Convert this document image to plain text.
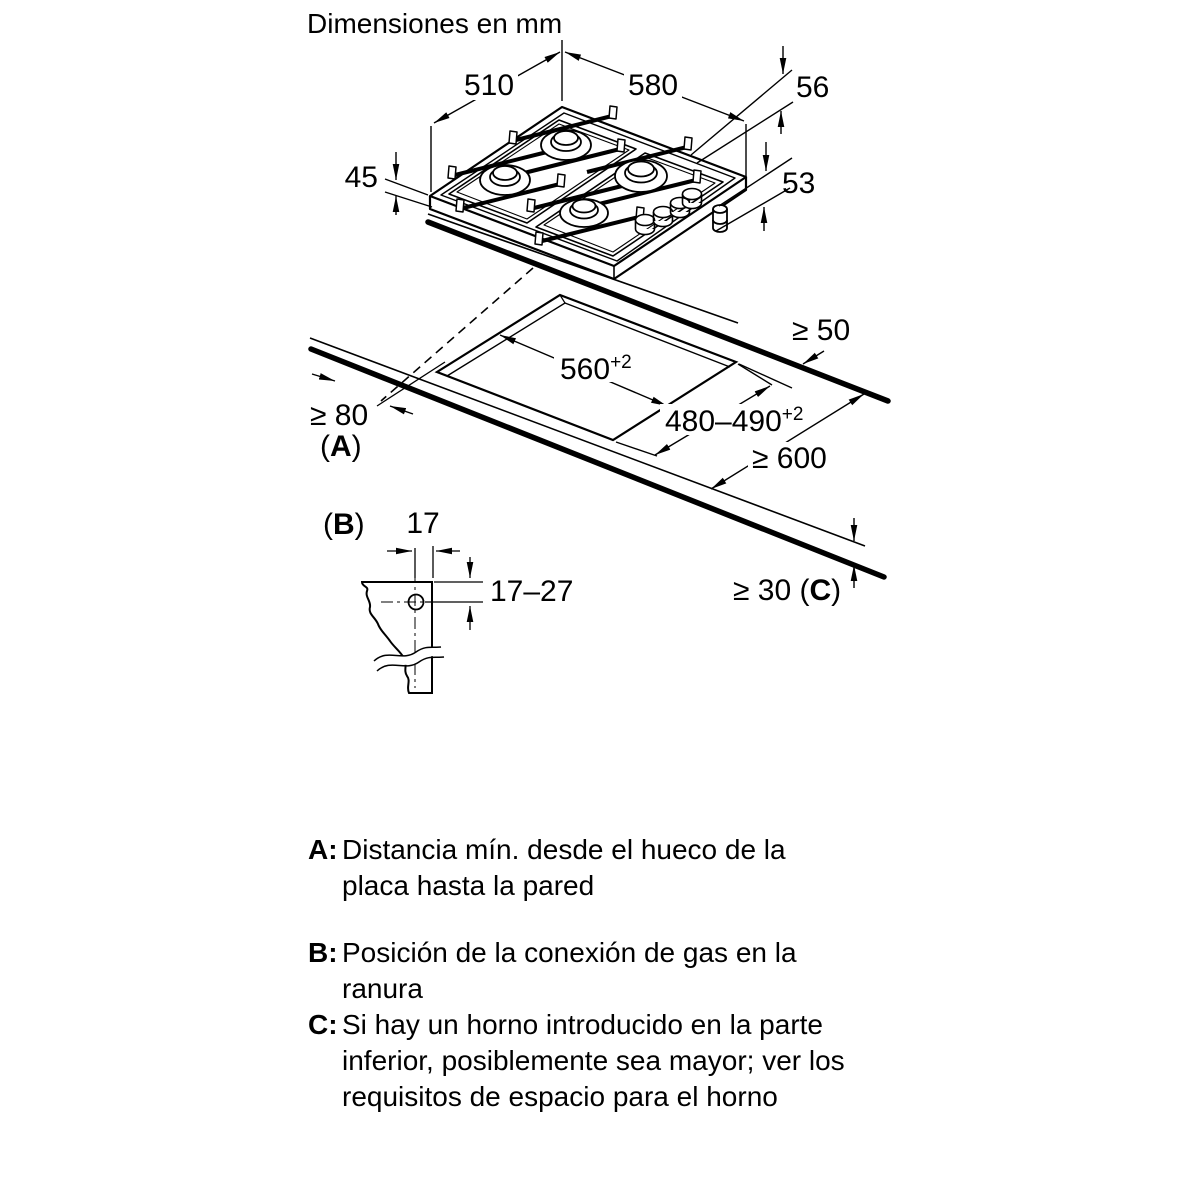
Dimensiones en mm
510	580	56
53
45
$560^{+2}$
$480-490^{+2}$
≥ 50
≥ 80
(A)	≥ 600
≥ 30 (C)
(B) 17
17–27
A: Distancia mín. desde el hueco de la
placa hasta la pared
B: Posición de la conexión de gas en la
ranura
C: Si hay un horno introducido en la parte
inferior, posiblemente sea mayor; ver los
requisitos de espacio para el horno
